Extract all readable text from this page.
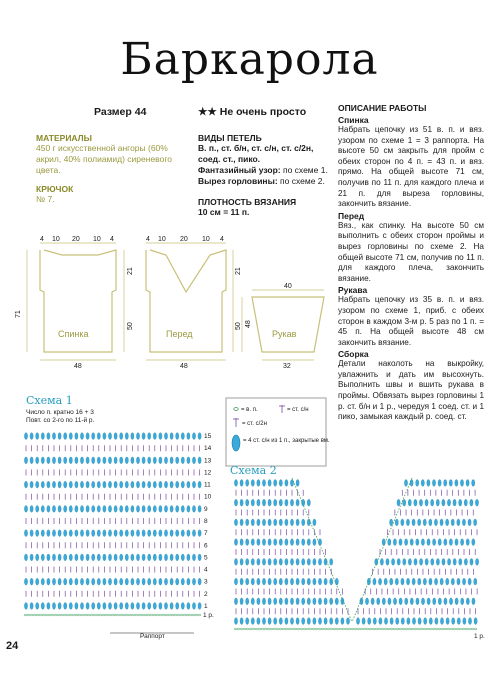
Баркарола
Размер 44	★★ Не очень просто
МАТЕРИАЛЫ
450 г искусственной ангоры (60% акрил, 40% полиамид) сиреневого цвета.
КРЮЧОК
№ 7.
ВИДЫ ПЕТЕЛЬ
В. п., ст. б/н, ст. с/н, ст. с/2н, соед. ст., пико.
Фантазийный узор: по схеме 1.
Вырез горловины: по схеме 2.
ПЛОТНОСТЬ ВЯЗАНИЯ
10 см = 11 п.
ОПИСАНИЕ РАБОТЫ
Спинка

Набрать цепочку из 51 в. п. и вяз. узором по схеме 1 = 3 раппорта. На высоте 50 см закрыть для пройм с обеих сторон по 4 п. = 43 п. и вяз. прямо. На общей высоте 71 см, получив по 11 п. для каждого плеча и 21 п. для выреза горловины, закончить вязание.

Перед

Вяз., как спинку. На высоте 50 см выполнить с обеих сторон проймы и вырез горловины по схеме 2. На общей высоте 71 см, получив по 11 п. для каждого плеча, закончить вязание.

Рукава

Набрать цепочку из 35 в. п. и вяз. узором по схеме 1, приб. с обеих сторон в каждом 3-м р. 5 раз по 1 п. = 45 п. На общей высоте 48 см закончить вязание.

Сборка

Детали наколоть на выкройку, увлажнить и дать им высохнуть. Выполнить швы и вшить рукава в проймы. Обвязать вырез горловины 1 р. ст. б/н и 1 р., чередуя 1 соед. ст. и 1 пико, замыкая каждый р. соед. ст.

4 10 20 10 4
71
21
50
48
4 10 20 10 4
21
50
48
40
48
32
Спинка	Перед	Рукав
15
14
13
12
11
10
9
8
7
6
5
4
3
2
1
= в. п.	= ст. с/н
= ст. с/2н
= 4 ст. с/н из 1 п., закрытые вм.
Схема 1
Число п. кратно 16 + 3
Повт. со 2-го по 11-й р.
1 р.
Раппорт
Схема 2
1 р.
24
